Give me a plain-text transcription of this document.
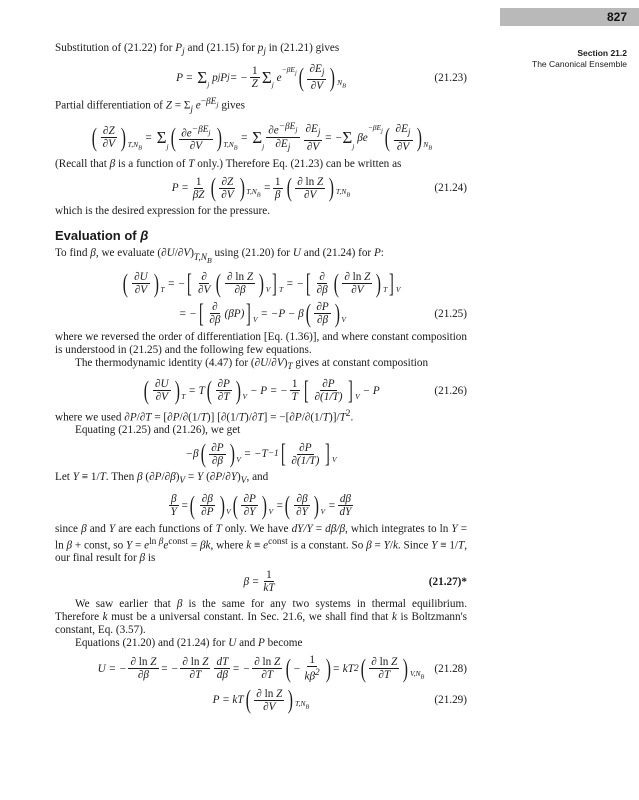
827
Section 21.2
The Canonical Ensemble

Substitution of (21.22) for $P_j$ and (21.15) for $p_j$ in (21.21) gives

P = Σ j
$p^j$ P j = − $\frac{1}{Z}$ Σ j
e
$-\beta E_j$ ( $\frac{\partial E_j}{\partial V}$ ) $N_B$
(21.23)

Partial differentiation of $Z = \Sigma_j$ $e^{-\beta E_j}$ gives

( $\frac{\partial Z}{\partial V}$ ) $T,N_B$
= Σ j ( $\frac{\partial e^{-\beta E_j}}{\partial V}$ ) $T,N_B$
= Σ j $\frac{\partial e^{-\beta E_j}}{\partial E_j} \frac{\partial E_j}{\partial V}$ = − Σ j
βe
$-\beta E_j$ ( $\frac{\partial E_j}{\partial V}$ ) $N_B$

(Recall that β is a function of T only.) Therefore Eq. (21.23) can be written as

$P = \frac{1}{\beta Z}$ ( $\frac{\partial Z}{\partial V}$ ) $T,N_B$
= $\frac{1}{\beta}$ ( $\frac{\text{∂ ln Z}}{\partial V}$ ) $T,N_B$
(21.24)

which is the desired expression for the pressure.

Evaluation of β

To find β, we evaluate $(\partial U/\partial V)_{T,N_B}$ using (21.20) for U and (21.24) for P:

( $\frac{\partial U}{\partial V}$ ) T = − [ $\frac{\partial}{\partial V}$ ( $\frac{\text{∂ ln Z}}{\partial\beta}$ ) V ] T = − [ $\frac{\partial}{\partial\beta}$ ( $\frac{\text{∂ ln Z}}{\partial V}$ ) T ] V
= − [ $\frac{\partial}{\partial\beta} (\beta P)$ ] V = −P − β ( $\frac{\partial P}{\partial\beta}$ ) V	(21.25)

where we reversed the order of differentiation [Eq. (1.36)], and where constant composition is understood in (21.25) and the following few equations.

The thermodynamic identity (4.47) for $(\partial U/\partial V)_T$ gives at constant composition

( $\frac{\partial U}{\partial V}$ ) T = T ( $\frac{\partial P}{\partial T}$ ) V − P = − $\frac{1}{T}$ [ $\frac{\partial P}{\partial(1/T)}$ ] V − P	(21.26)

where we used ∂P/∂T = [∂P/∂(1/T)] $[\partial(1/T)/\partial T] = -[\partial P/\partial(1/T)]/T^2$.

Equating (21.25) and (21.26), we get

−β ( $\frac{\partial P}{\partial\beta}$ ) $V = -T^{-1}$ [ $\frac{\partial P}{\partial(1/T)}$ ] V

Let Y ≡ 1/T. Then β $(\partial P/\partial\beta)_V = Y$ $(\partial P/\partial Y)_V$, and

$\frac{\beta}{Y}$ = ( $\frac{\partial\beta}{\partial P}$ ) V ( $\frac{\partial P}{\partial Y}$ ) V = ( $\frac{\partial\beta}{\partial Y}$ ) $V = \frac{d\beta}{dY}$

since β and Y are each functions of T only. We have dY/Y = dβ/β, which integrates to ln Y = ln β + const, so $Y = e^{ln \beta}e^{const} = \beta k$, where $k \equiv e^{const}$ is a constant. So β = Y/k. Since Y ≡ 1/T, our final result for β is

$\beta = \frac{1}{kT}$	(21.27)*

We saw earlier that β is the same for any two systems in thermal equilibrium. Therefore k must be a universal constant. In Sec. 21.6, we shall find that k is Boltzmann's constant, Eq. (3.57).

Equations (21.20) and (21.24) for U and P become

U = − $\frac{\text{∂ ln Z}}{\partial\beta}$ = − $\frac{\text{∂ ln Z}}{\partial T} \frac{dT}{d\beta}$ = − $\frac{\text{∂ ln Z}}{\partial T}$ ( − $\frac{1}{k\beta^2}$ ) = kT 2 ( $\frac{\text{∂ ln Z}}{\partial T}$ ) $V,N_B$
(21.28)
P = kT ( $\frac{\text{∂ ln Z}}{\partial V}$ ) $T,N_B$
(21.29)
